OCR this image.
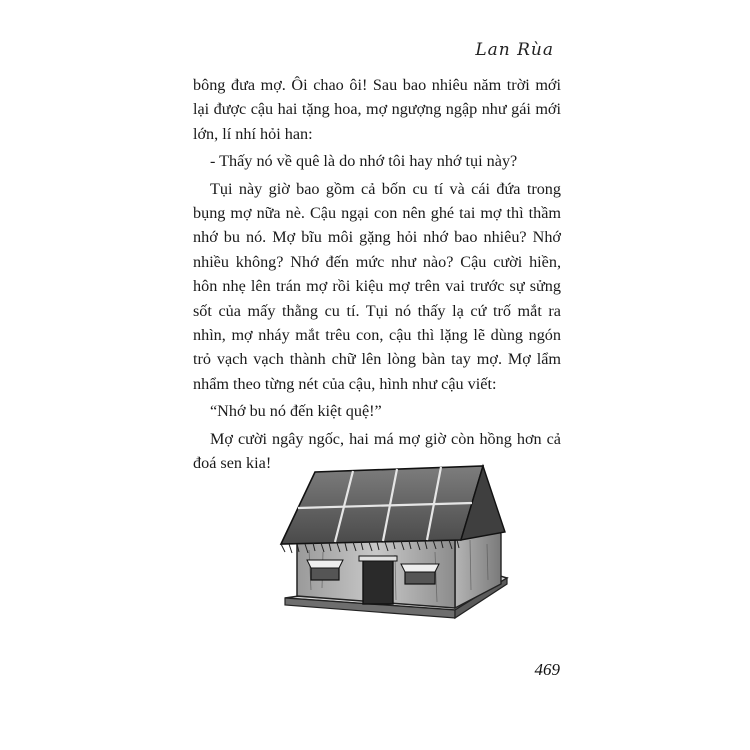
Lan Rùa

bông đưa mợ. Ôi chao ôi! Sau bao nhiêu năm trời mới lại được cậu hai tặng hoa, mợ ngượng ngập như gái mới lớn, lí nhí hỏi han:

- Thấy nó về quê là do nhớ tôi hay nhớ tụi này?

Tụi này giờ bao gồm cả bốn cu tí và cái đứa trong bụng mợ nữa nè. Cậu ngại con nên ghé tai mợ thì thầm nhớ bu nó. Mợ bĩu môi gặng hỏi nhớ bao nhiêu? Nhớ nhiều không? Nhớ đến mức như nào? Cậu cười hiền, hôn nhẹ lên trán mợ rồi kiệu mợ trên vai trước sự sửng sốt của mấy thằng cu tí. Tụi nó thấy lạ cứ trố mắt ra nhìn, mợ nháy mắt trêu con, cậu thì lặng lẽ dùng ngón trỏ vạch vạch thành chữ lên lòng bàn tay mợ. Mợ lẩm nhẩm theo từng nét của cậu, hình như cậu viết:

“Nhớ bu nó đến kiệt quệ!”

Mợ cười ngây ngốc, hai má mợ giờ còn hồng hơn cả đoá sen kia!

469
